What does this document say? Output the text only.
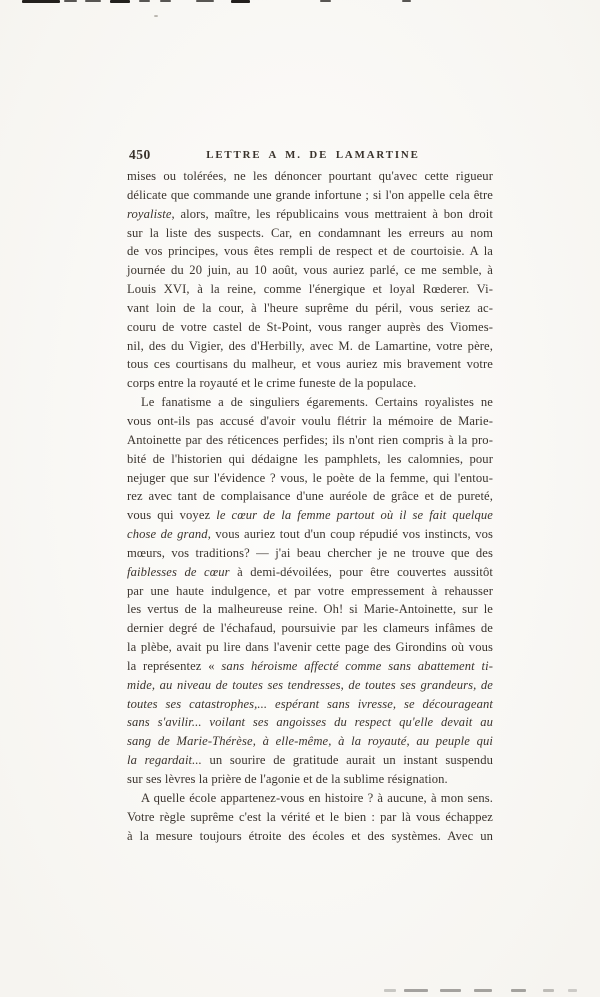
450	LETTRE A M. DE LAMARTINE
mises ou tolérées, ne les dénoncer pourtant qu'avec cette rigueur
délicate que commande une grande infortune ; si l'on appelle cela être
royaliste, alors, maître, les républicains vous mettraient à bon droit
sur la liste des suspects. Car, en condamnant les erreurs au nom
de vos principes, vous êtes rempli de respect et de courtoisie. A la
journée du 20 juin, au 10 août, vous auriez parlé, ce me semble, à
Louis XVI, à la reine, comme l'énergique et loyal Rœderer. Vi-
vant loin de la cour, à l'heure suprême du péril, vous seriez ac-
couru de votre castel de St-Point, vous ranger auprès des Viomes-
nil, des du Vigier, des d'Herbilly, avec M. de Lamartine, votre père,
tous ces courtisans du malheur, et vous auriez mis bravement votre
corps entre la royauté et le crime funeste de la populace.
Le fanatisme a de singuliers égarements. Certains royalistes ne
vous ont-ils pas accusé d'avoir voulu flétrir la mémoire de Marie-
Antoinette par des réticences perfides; ils n'ont rien compris à la pro-
bité de l'historien qui dédaigne les pamphlets, les calomnies, pour
nejuger que sur l'évidence ? vous, le poète de la femme, qui l'entou-
rez avec tant de complaisance d'une auréole de grâce et de pureté,
vous qui voyez le cœur de la femme partout où il se fait quelque
chose de grand, vous auriez tout d'un coup répudié vos instincts, vos
mœurs, vos traditions? — j'ai beau chercher je ne trouve que des
faiblesses de cœur à demi-dévoilées, pour être couvertes aussitôt
par une haute indulgence, et par votre empressement à rehausser
les vertus de la malheureuse reine. Oh! si Marie-Antoinette, sur le
dernier degré de l'échafaud, poursuivie par les clameurs infâmes de
la plèbe, avait pu lire dans l'avenir cette page des Girondins où vous
la représentez « sans héroisme affecté comme sans abattement ti-
mide, au niveau de toutes ses tendresses, de toutes ses grandeurs, de
toutes ses catastrophes,... espérant sans ivresse, se décourageant
sans s'avilir... voilant ses angoisses du respect qu'elle devait au
sang de Marie-Thérèse, à elle-même, à la royauté, au peuple qui
la regardait... un sourire de gratitude aurait un instant suspendu
sur ses lèvres la prière de l'agonie et de la sublime résignation.
A quelle école appartenez-vous en histoire ? à aucune, à mon sens.
Votre règle suprême c'est la vérité et le bien : par là vous échappez
à la mesure toujours étroite des écoles et des systèmes. Avec un
